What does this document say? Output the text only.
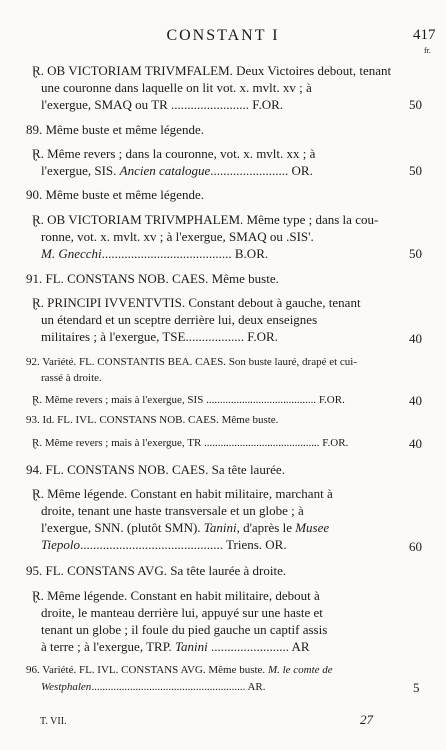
CONSTANT I	417
fr.
Ɽ. OB VICTORIAM TRIVMFALEM. Deux Victoires debout, tenant
une couronne dans laquelle on lit vot. x. mvlt. xv ; à
l'exergue, SMAQ ou TR ........................ F.OR.	50
89. Même buste et même légende.
Ɽ. Même revers ; dans la couronne, vot. x. mvlt. xx ; à
l'exergue, SIS. Ancien catalogue........................ OR.	50
90. Même buste et même légende.
Ɽ. OB VICTORIAM TRIVMPHALEM. Même type ; dans la cou-
ronne, vot. x. mvlt. xv ; à l'exergue, SMAQ ou .SIS'.
M. Gnecchi........................................ B.OR.	50
91. FL. CONSTANS NOB. CAES. Même buste.
Ɽ. PRINCIPI IVVENTVTIS. Constant debout à gauche, tenant
un étendard et un sceptre derrière lui, deux enseignes
militaires ; à l'exergue, TSE.................. F.OR.	40
92. Variété. FL. CONSTANTIS BEA. CAES. Son buste lauré, drapé et cui-
rassé à droite.
Ɽ. Même revers ; mais à l'exergue, SIS ........................................ F.OR.	40
93. Id. FL. IVL. CONSTANS NOB. CAES. Même buste.
Ɽ. Même revers ; mais à l'exergue, TR .......................................... F.OR.	40
94. FL. CONSTANS NOB. CAES. Sa tête laurée.
Ɽ. Même légende. Constant en habit militaire, marchant à
droite, tenant une haste transversale et un globe ; à
l'exergue, SNN. (plutôt SMN). Tanini, d'après le Musee
Tiepolo............................................ Triens. OR.	60
95. FL. CONSTANS AVG. Sa tête laurée à droite.
Ɽ. Même légende. Constant en habit militaire, debout à
droite, le manteau derrière lui, appuyé sur une haste et
tenant un globe ; il foule du pied gauche un captif assis
à terre ; à l'exergue, TRP. Tanini ........................ AR
96. Variété. FL. IVL. CONSTANS AVG. Même buste. M. le comte de
Westphalen........................................................ AR.	5
T. VII.	27
